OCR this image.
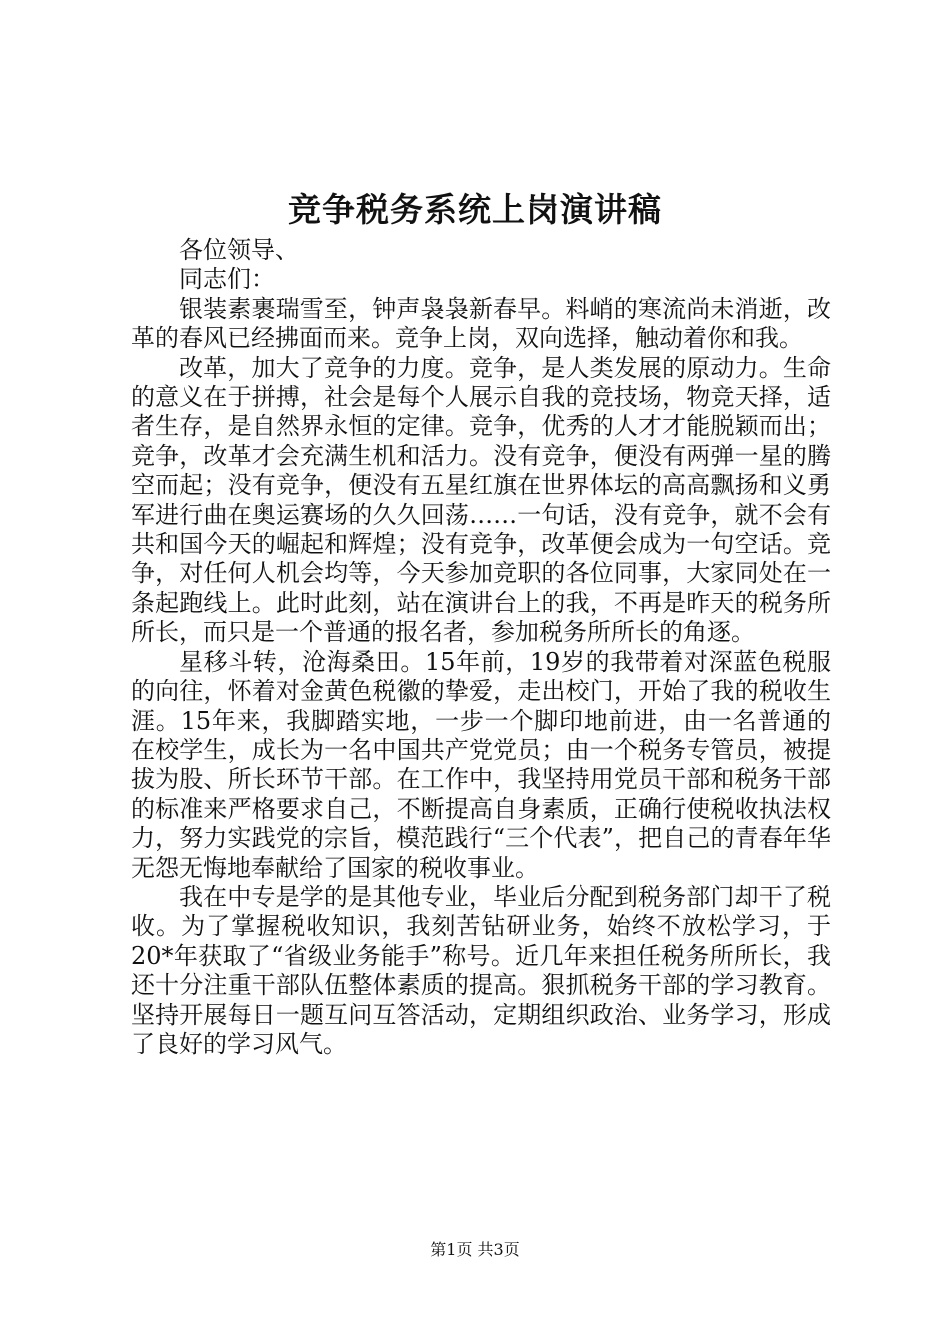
竞争税务系统上岗演讲稿

各位领导、

同志们：

银装素裹瑞雪至，钟声袅袅新春早。料峭的寒流尚未消逝，改革的春风已经拂面而来。竞争上岗，双向选择，触动着你和我。

改革，加大了竞争的力度。竞争，是人类发展的原动力。生命的意义在于拼搏，社会是每个人展示自我的竞技场，物竞天择，适者生存，是自然界永恒的定律。竞争，优秀的人才才能脱颖而出；竞争，改革才会充满生机和活力。没有竞争，便没有两弹一星的腾空而起；没有竞争，便没有五星红旗在世界体坛的高高飘扬和义勇军进行曲在奥运赛场的久久回荡……一句话，没有竞争，就不会有共和国今天的崛起和辉煌；没有竞争，改革便会成为一句空话。竞争，对任何人机会均等，今天参加竞职的各位同事，大家同处在一条起跑线上。此时此刻，站在演讲台上的我，不再是昨天的税务所所长，而只是一个普通的报名者，参加税务所所长的角逐。

星移斗转，沧海桑田。15年前，19岁的我带着对深蓝色税服的向往，怀着对金黄色税徽的挚爱，走出校门，开始了我的税收生涯。15年来，我脚踏实地，一步一个脚印地前进，由一名普通的在校学生，成长为一名中国共产党党员；由一个税务专管员，被提拔为股、所长环节干部。在工作中，我坚持用党员干部和税务干部的标准来严格要求自己，不断提高自身素质，正确行使税收执法权力，努力实践党的宗旨，模范践行“三个代表”，把自己的青春年华无怨无悔地奉献给了国家的税收事业。

我在中专是学的是其他专业，毕业后分配到税务部门却干了税收。为了掌握税收知识，我刻苦钻研业务，始终不放松学习，于20*年获取了“省级业务能手”称号。近几年来担任税务所所长，我还十分注重干部队伍整体素质的提高。狠抓税务干部的学习教育。坚持开展每日一题互问互答活动，定期组织政治、业务学习，形成了良好的学习风气。

第1页 共3页
